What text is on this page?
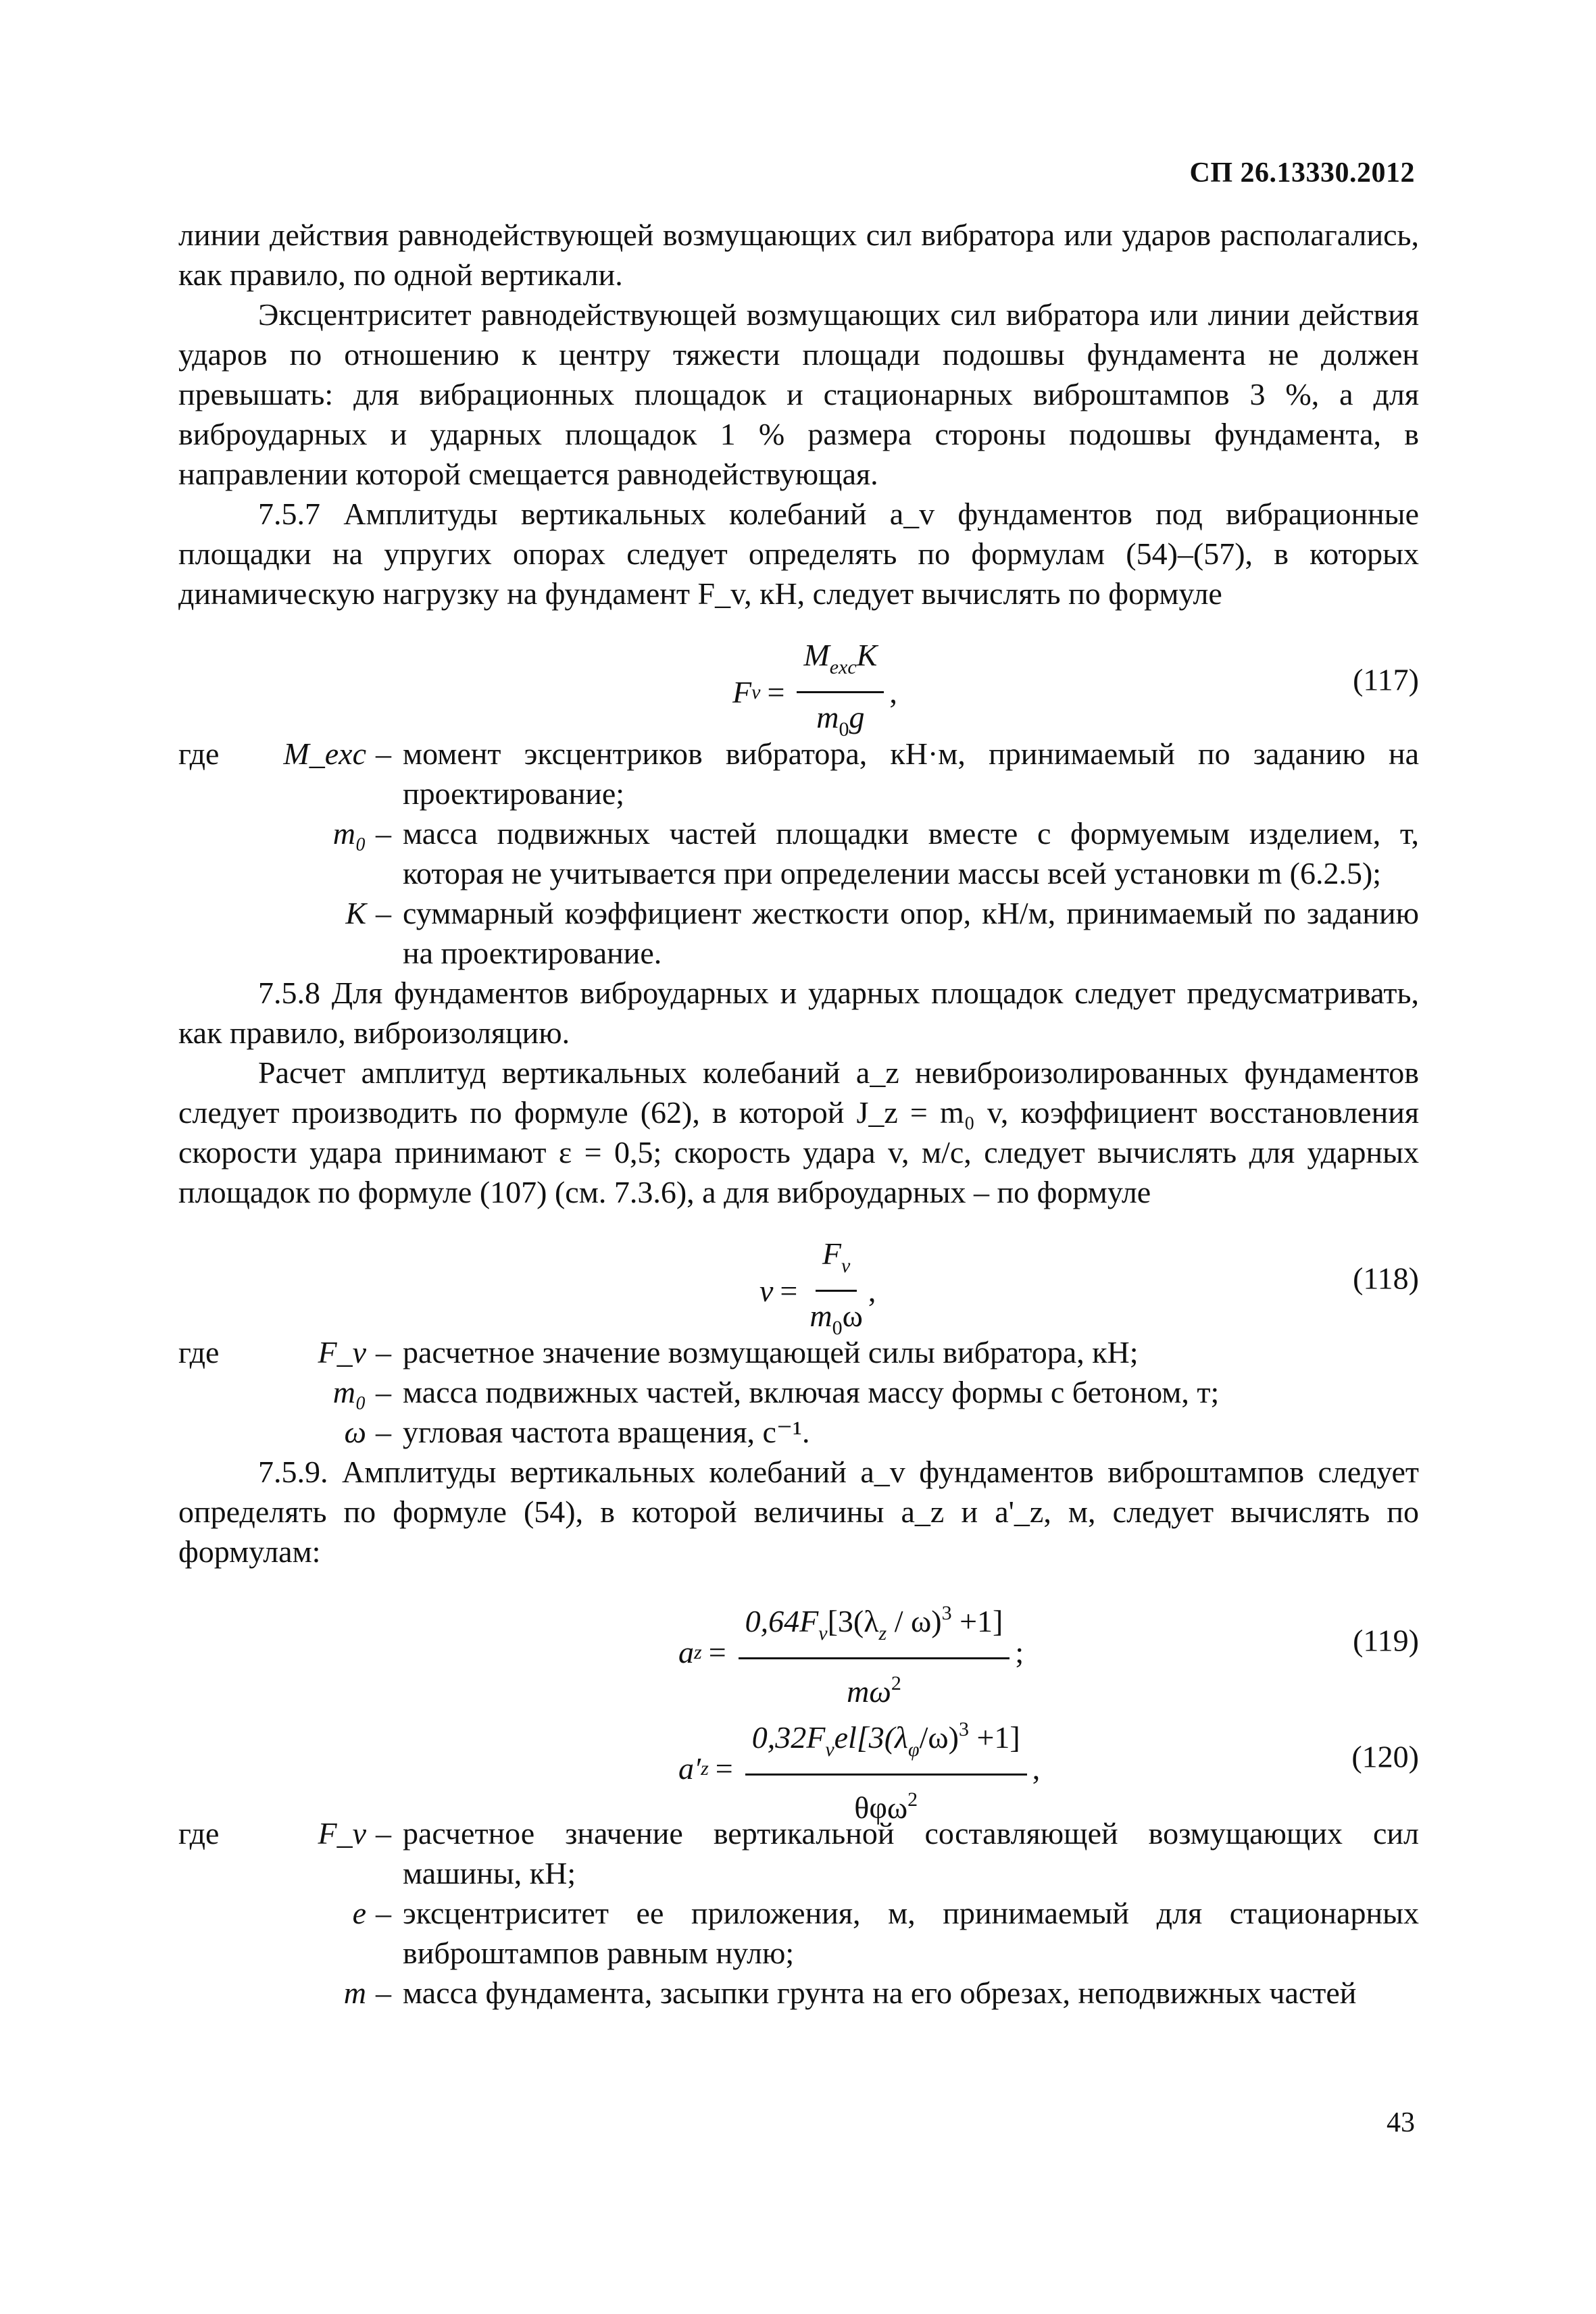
СП 26.13330.2012

линии действия равнодействующей возмущающих сил вибратора или ударов располагались, как правило, по одной вертикали.

Эксцентриситет равнодействующей возмущающих сил вибратора или линии действия ударов по отношению к центру тяжести площади подошвы фундамента не должен превышать: для вибрационных площадок и стационарных виброштампов 3 %, а для виброударных и ударных площадок 1 % размера стороны подошвы фундамента, в направлении которой смещается равнодействующая.

7.5.7 Амплитуды вертикальных колебаний a_v фундаментов под вибрационные площадки на упругих опорах следует определять по формулам (54)–(57), в которых динамическую нагрузку на фундамент F_v, кН, следует вычислять по формуле

F $v = \frac{M_{exc}K}{m_0g}$ ,	(117)
где	M_exc – момент эксцентриков вибратора, кН·м, принимаемый по заданию на проектирование;
m₀ – масса подвижных частей площадки вместе с формуемым изделием, т, которая не учитывается при определении массы всей установки m (6.2.5);
K – суммарный коэффициент жесткости опор, кН/м, принимаемый по заданию на проектирование.

7.5.8 Для фундаментов виброударных и ударных площадок следует предусматривать, как правило, виброизоляцию.

Расчет амплитуд вертикальных колебаний a_z невиброизолированных фундаментов следует производить по формуле (62), в которой J_z = m₀ v, коэффициент восстановления скорости удара принимают ε = 0,5; скорость удара v, м/с, следует вычислять для ударных площадок по формуле (107) (см. 7.3.6), а для виброударных – по формуле

$v = \frac{F_v}{m_0\omega}$ ,	(118)
где	F_v – расчетное значение возмущающей силы вибратора, кН;
m₀ – масса подвижных частей, включая массу формы с бетоном, т;
ω – угловая частота вращения, с⁻¹.

7.5.9. Амплитуды вертикальных колебаний a_v фундаментов виброштампов следует определять по формуле (54), в которой величины a_z и a'_z, м, следует вычислять по формулам:

a $z = \frac{0,64F_v[3(\lambda_z / \omega)^3 +1]}{m\omega^2}$ ;	(119)
a′ $z = \frac{0,32F_vel[3(\lambda_\varphi/\omega)^3 +1]}{\theta\varphi\omega^2}$ ,	(120)
где	F_v – расчетное значение вертикальной составляющей возмущающих сил машины, кН;
e – эксцентриситет ее приложения, м, принимаемый для стационарных виброштампов равным нулю;
m – масса фундамента, засыпки грунта на его обрезах, неподвижных частей
43
